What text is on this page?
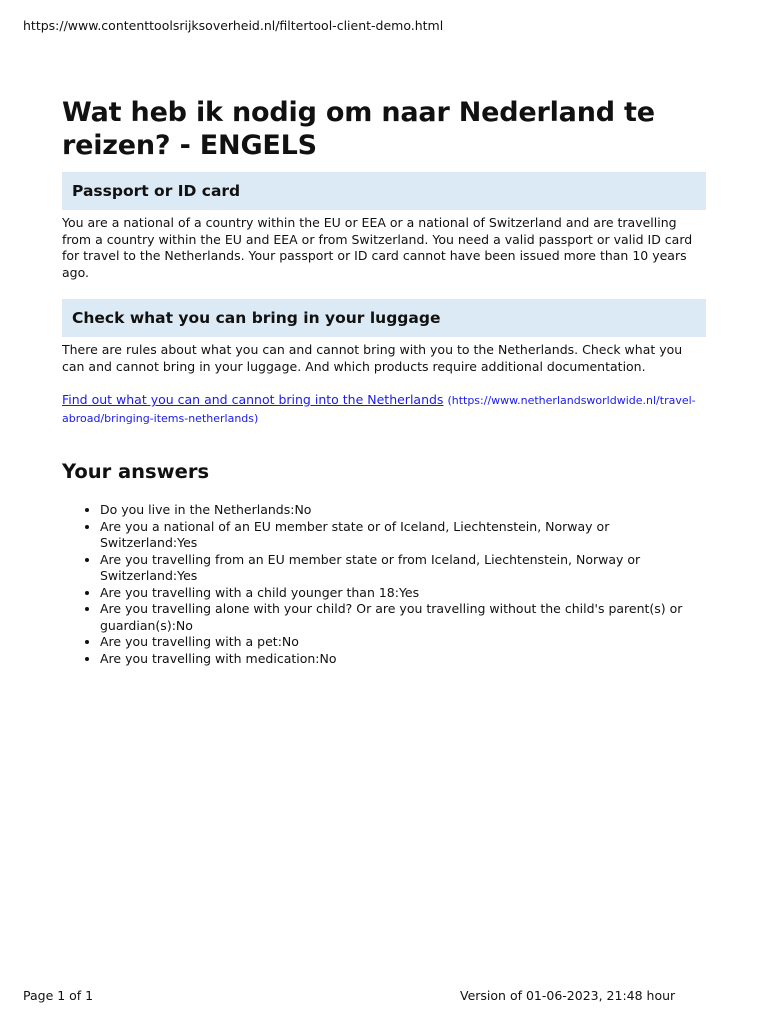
https://www.contenttoolsrijksoverheid.nl/filtertool-client-demo.html
Wat heb ik nodig om naar Nederland te reizen? - ENGELS
Passport or ID card
You are a national of a country within the EU or EEA or a national of Switzerland and are travelling from a country within the EU and EEA or from Switzerland. You need a valid passport or valid ID card for travel to the Netherlands. Your passport or ID card cannot have been issued more than 10 years ago.
Check what you can bring in your luggage
There are rules about what you can and cannot bring with you to the Netherlands. Check what you can and cannot bring in your luggage. And which products require additional documentation.
Find out what you can and cannot bring into the Netherlands (https://www.netherlandsworldwide.nl/travel-abroad/bringing-items-netherlands)
Your answers
• Do you live in the Netherlands:No
• Are you a national of an EU member state or of Iceland, Liechtenstein, Norway or Switzerland:Yes
• Are you travelling from an EU member state or from Iceland, Liechtenstein, Norway or Switzerland:Yes
• Are you travelling with a child younger than 18:Yes
• Are you travelling alone with your child? Or are you travelling without the child's parent(s) or guardian(s):No
• Are you travelling with a pet:No
• Are you travelling with medication:No
Page 1 of 1	Version of 01-06-2023, 21:48 hour
